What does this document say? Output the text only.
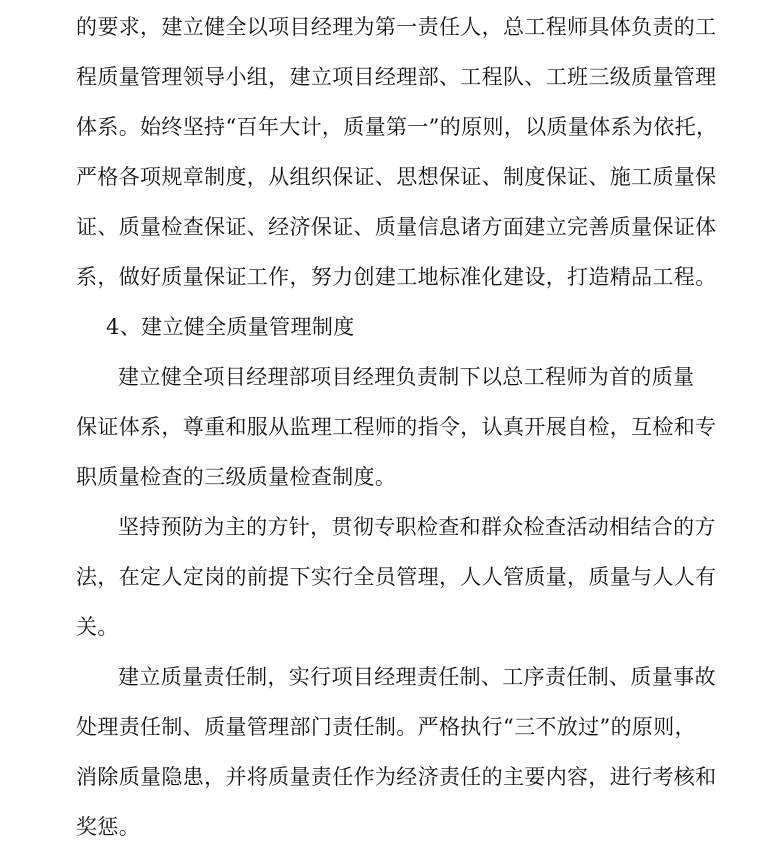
的要求，建立健全以项目经理为第一责任人，总工程师具体负责的工
程质量管理领导小组，建立项目经理部、工程队、工班三级质量管理
体系。始终坚持“百年大计，质量第一”的原则，以质量体系为依托，
严格各项规章制度，从组织保证、思想保证、制度保证、施工质量保
证、质量检查保证、经济保证、质量信息诸方面建立完善质量保证体
系，做好质量保证工作，努力创建工地标准化建设，打造精品工程。
4、建立健全质量管理制度
建立健全项目经理部项目经理负责制下以总工程师为首的质量
保证体系，尊重和服从监理工程师的指令，认真开展自检，互检和专
职质量检查的三级质量检查制度。
坚持预防为主的方针，贯彻专职检查和群众检查活动相结合的方
法，在定人定岗的前提下实行全员管理，人人管质量，质量与人人有
关。
建立质量责任制，实行项目经理责任制、工序责任制、质量事故
处理责任制、质量管理部门责任制。严格执行“三不放过”的原则，
消除质量隐患，并将质量责任作为经济责任的主要内容，进行考核和
奖惩。
